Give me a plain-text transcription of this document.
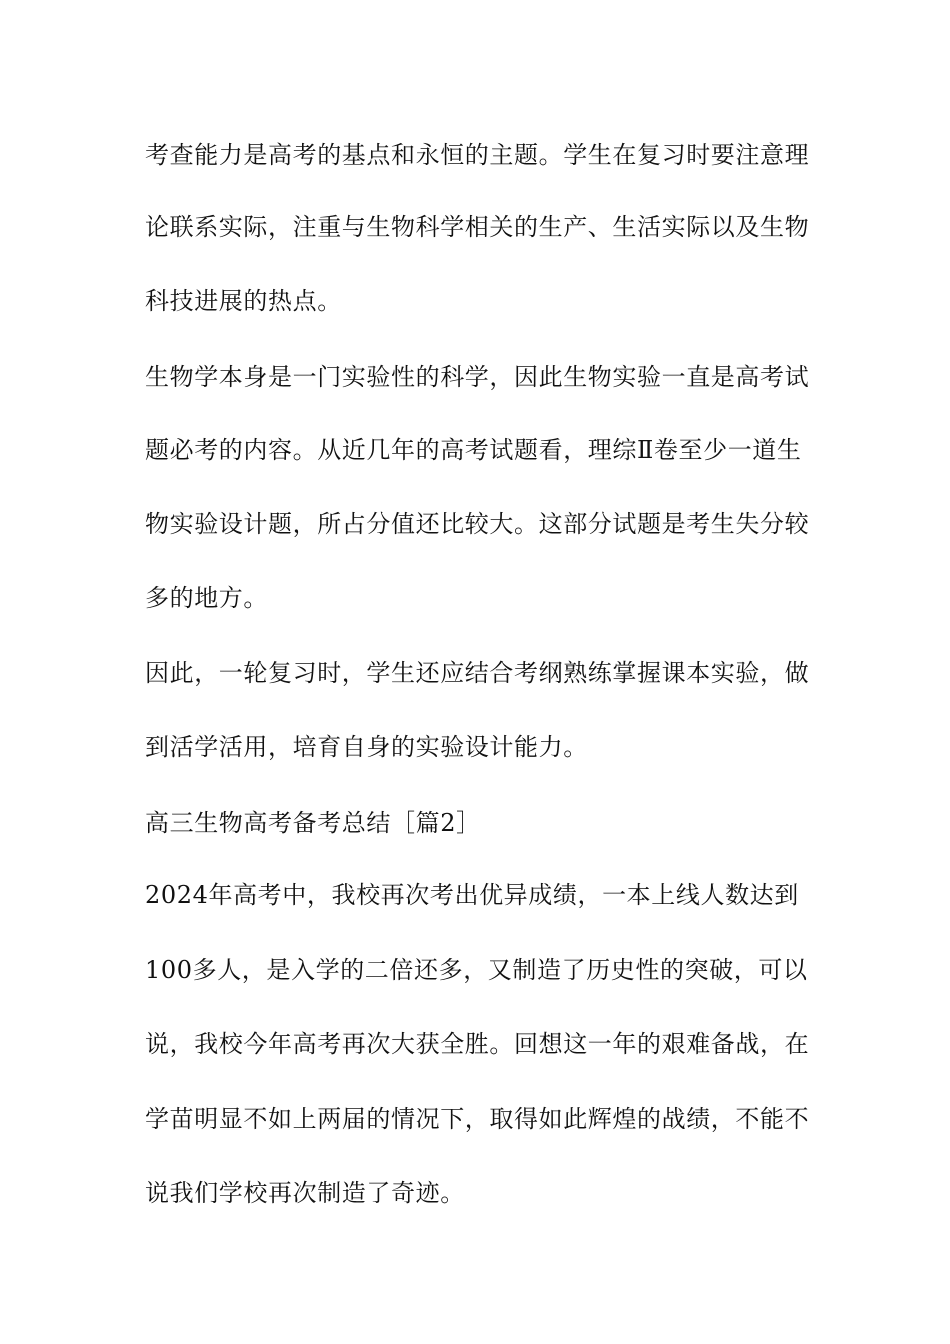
考查能力是高考的基点和永恒的主题。学生在复习时要注意理
论联系实际，注重与生物科学相关的生产、生活实际以及生物
科技进展的热点。
生物学本身是一门实验性的科学，因此生物实验一直是高考试
题必考的内容。从近几年的高考试题看，理综Ⅱ卷至少一道生
物实验设计题，所占分值还比较大。这部分试题是考生失分较
多的地方。
因此，一轮复习时，学生还应结合考纲熟练掌握课本实验，做
到活学活用，培育自身的实验设计能力。
高三生物高考备考总结［篇2］
2024年高考中，我校再次考出优异成绩，一本上线人数达到
100多人，是入学的二倍还多，又制造了历史性的突破，可以
说，我校今年高考再次大获全胜。回想这一年的艰难备战，在
学苗明显不如上两届的情况下，取得如此辉煌的战绩，不能不
说我们学校再次制造了奇迹。
